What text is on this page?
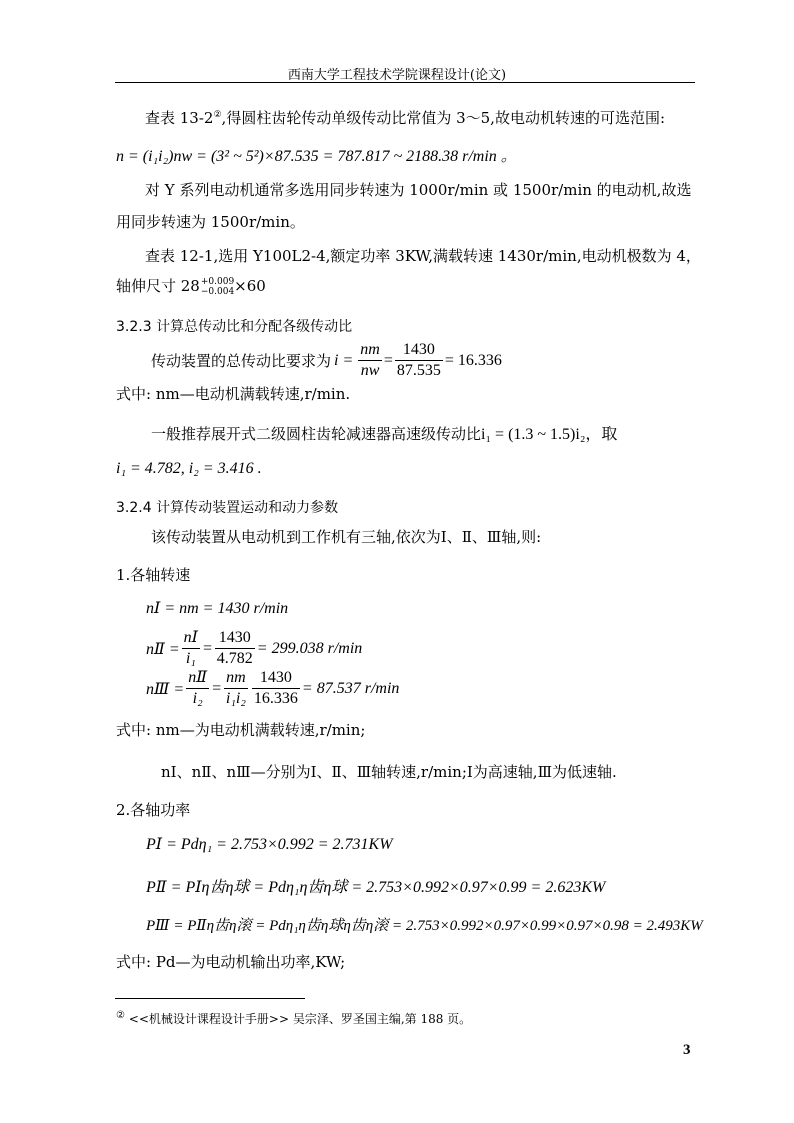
西南大学工程技术学院课程设计(论文)
查表 13-2②,得圆柱齿轮传动单级传动比常值为 3～5,故电动机转速的可选范围:
n = (i₁i₂)nw = (3² ~ 5²)×87.535 = 787.817 ~ 2188.38 r/min 。
对 Y 系列电动机通常多选用同步转速为 1000r/min 或 1500r/min 的电动机,故选
用同步转速为 1500r/min。
查表 12-1,选用 Y100L2-4,额定功率 3KW,满载转速 1430r/min,电动机极数为 4，
轴伸尺寸 28 +0.009
−0.004 ×60
3.2.3 计算总传动比和分配各级传动比
传动装置的总传动比要求为 $i = \frac{nm}{nw} = \frac{1430}{87.535} = 16.336$
式中: nm—电动机满载转速,r/min.
一般推荐展开式二级圆柱齿轮减速器高速级传动比i₁ = (1.3 ~ 1.5)i₂，取
i₁ = 4.782, i₂ = 3.416 .
3.2.4 计算传动装置运动和动力参数
该传动装置从电动机到工作机有三轴,依次为Ⅰ、Ⅱ、Ⅲ轴,则:
1.各轴转速
nⅠ = nm = 1430 r/min
nⅡ = $\frac{\text{nⅠ}}{\text{i₁}} = \frac{1430}{4.782} = 299.038$ r/min
nⅢ = $\frac{\text{nⅡ}}{\text{i₂}} = \frac{nm}{\text{i₁i₂}} \frac{1430}{16.336} = 87.537$ r/min
式中: nm—为电动机满载转速,r/min;
nⅠ、nⅡ、nⅢ—分别为Ⅰ、Ⅱ、Ⅲ轴转速,r/min;Ⅰ为高速轴,Ⅲ为低速轴.
2.各轴功率
PⅠ = Pdη₁ = 2.753×0.992 = 2.731KW
PⅡ = PⅠη齿η球 = Pdη₁η齿η球 = 2.753×0.992×0.97×0.99 = 2.623KW
PⅢ = PⅡη齿η滚 = Pdη₁η齿η球η齿η滚 = 2.753×0.992×0.97×0.99×0.97×0.98 = 2.493KW
式中: Pd—为电动机输出功率,KW;
② <<机械设计课程设计手册>> 吴宗泽、罗圣国主编,第 188 页。
3
